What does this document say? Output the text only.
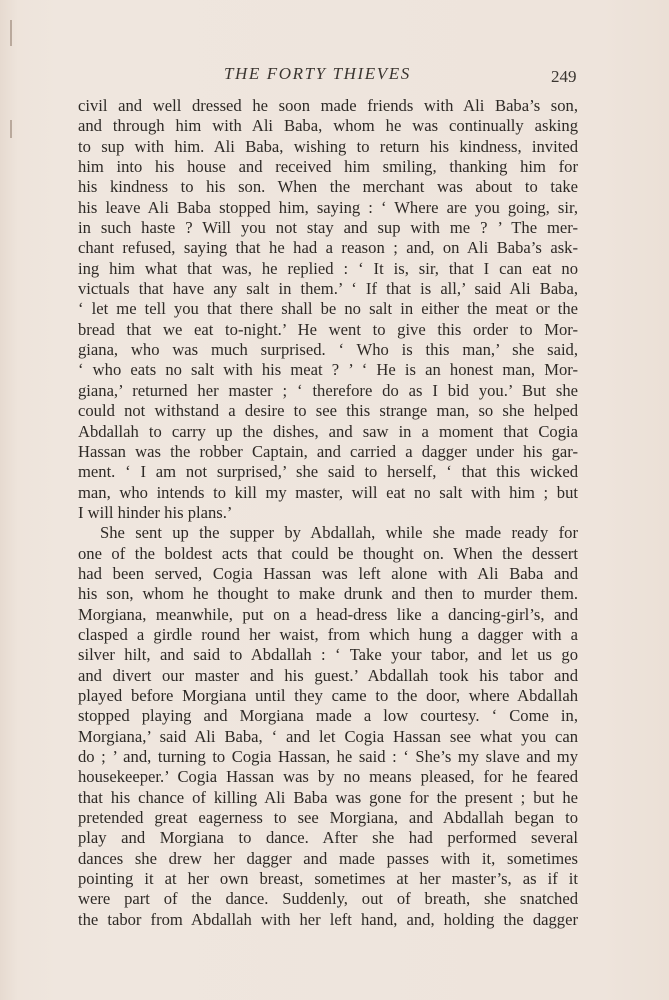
THE FORTY THIEVES	249
civil and well dressed he soon made friends with Ali Baba’s son,
and through him with Ali Baba, whom he was continually asking
to sup with him. Ali Baba, wishing to return his kindness, invited
him into his house and received him smiling, thanking him for
his kindness to his son. When the merchant was about to take
his leave Ali Baba stopped him, saying : ‘ Where are you going, sir,
in such haste ? Will you not stay and sup with me ? ’ The mer-
chant refused, saying that he had a reason ; and, on Ali Baba’s ask-
ing him what that was, he replied : ‘ It is, sir, that I can eat no
victuals that have any salt in them.’ ‘ If that is all,’ said Ali Baba,
‘ let me tell you that there shall be no salt in either the meat or the
bread that we eat to-night.’ He went to give this order to Mor-
giana, who was much surprised. ‘ Who is this man,’ she said,
‘ who eats no salt with his meat ? ’ ‘ He is an honest man, Mor-
giana,’ returned her master ; ‘ therefore do as I bid you.’ But she
could not withstand a desire to see this strange man, so she helped
Abdallah to carry up the dishes, and saw in a moment that Cogia
Hassan was the robber Captain, and carried a dagger under his gar-
ment. ‘ I am not surprised,’ she said to herself, ‘ that this wicked
man, who intends to kill my master, will eat no salt with him ; but
I will hinder his plans.’
She sent up the supper by Abdallah, while she made ready for
one of the boldest acts that could be thought on. When the dessert
had been served, Cogia Hassan was left alone with Ali Baba and
his son, whom he thought to make drunk and then to murder them.
Morgiana, meanwhile, put on a head-dress like a dancing-girl’s, and
clasped a girdle round her waist, from which hung a dagger with a
silver hilt, and said to Abdallah : ‘ Take your tabor, and let us go
and divert our master and his guest.’ Abdallah took his tabor and
played before Morgiana until they came to the door, where Abdallah
stopped playing and Morgiana made a low courtesy. ‘ Come in,
Morgiana,’ said Ali Baba, ‘ and let Cogia Hassan see what you can
do ; ’ and, turning to Cogia Hassan, he said : ‘ She’s my slave and my
housekeeper.’ Cogia Hassan was by no means pleased, for he feared
that his chance of killing Ali Baba was gone for the present ; but he
pretended great eagerness to see Morgiana, and Abdallah began to
play and Morgiana to dance. After she had performed several
dances she drew her dagger and made passes with it, sometimes
pointing it at her own breast, sometimes at her master’s, as if it
were part of the dance. Suddenly, out of breath, she snatched
the tabor from Abdallah with her left hand, and, holding the dagger
